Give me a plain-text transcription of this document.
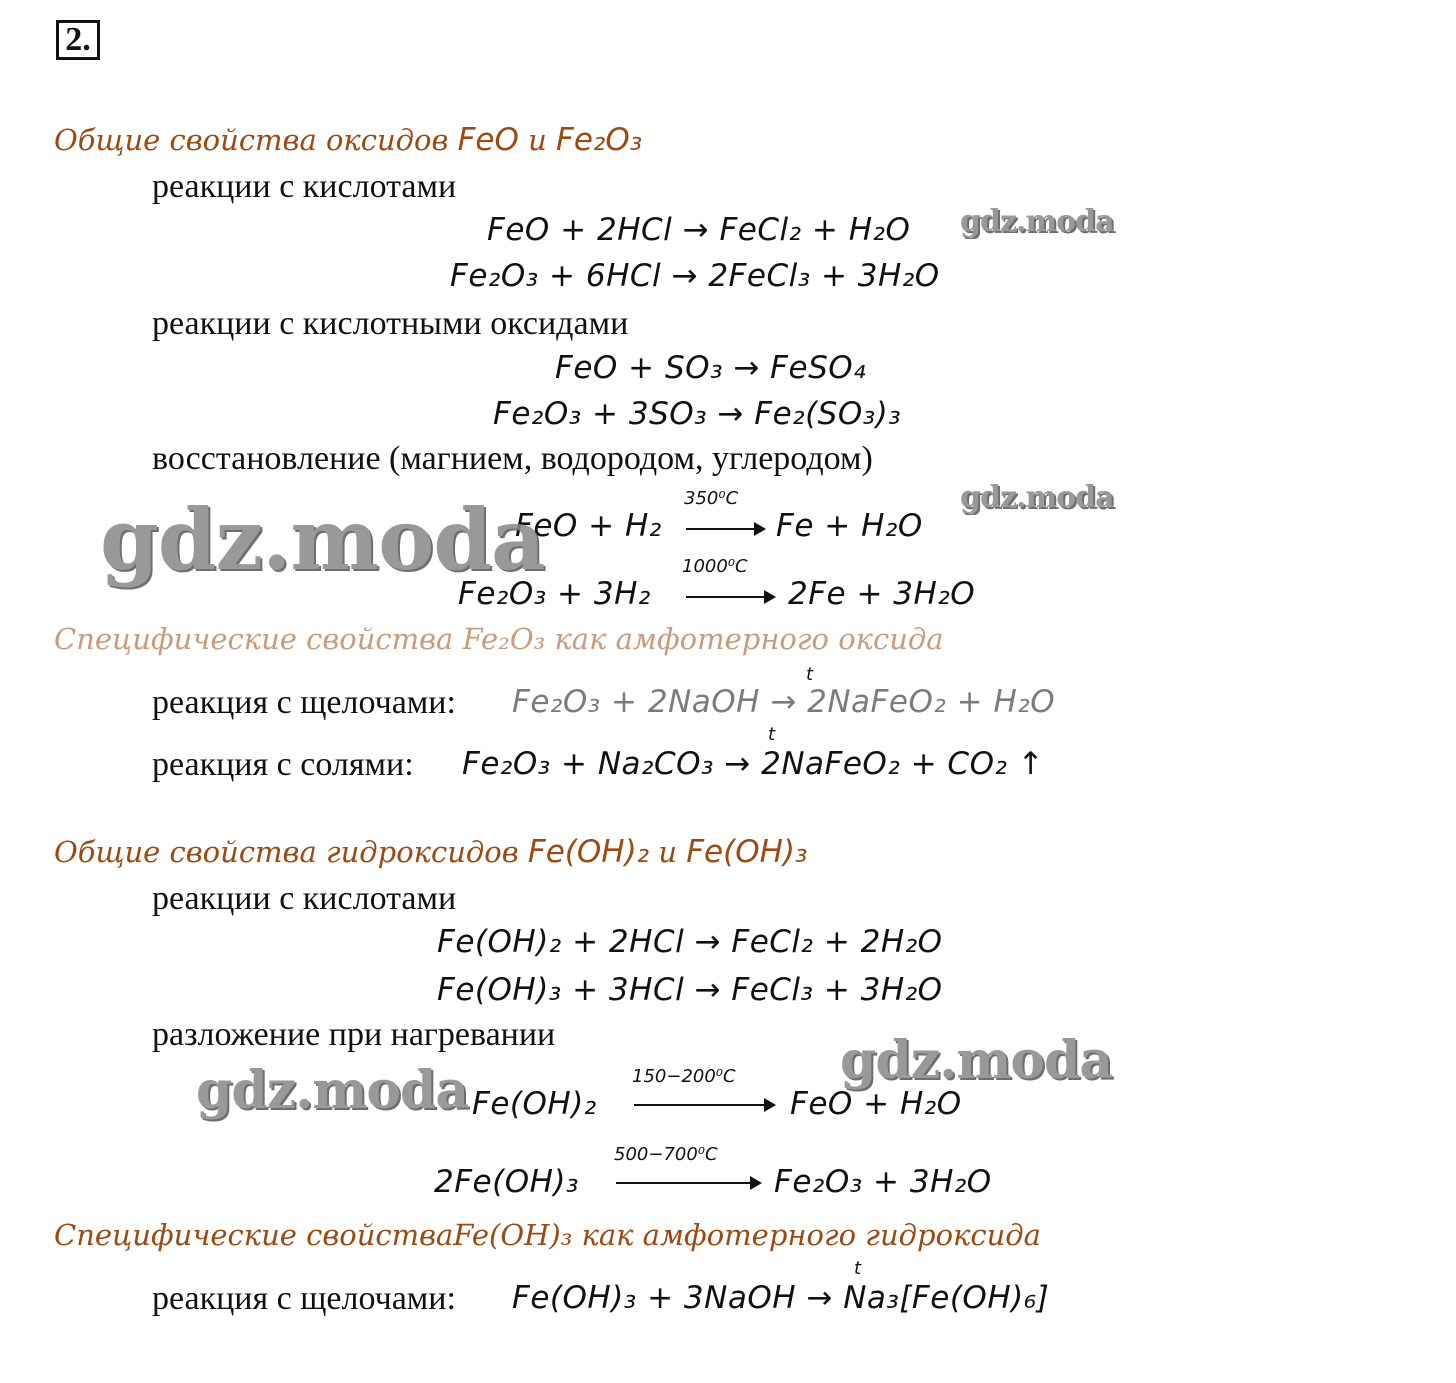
2.
Общие свойства оксидов FeO и Fe₂O₃
реакции с кислотами
FeO + 2HCl → FeCl₂ + H₂O
Fe₂O₃ + 6HCl → 2FeCl₃ + 3H₂O
реакции с кислотными оксидами
FeO + SO₃ → FeSO₄
Fe₂O₃ + 3SO₃ → Fe₂(SO₃)₃
восстановление (магнием, водородом, углеродом)
FeO + H₂
350⁰C
Fe + H₂O
Fe₂O₃ + 3H₂
1000⁰C
2Fe + 3H₂O
Специфические свойства Fe₂O₃ как амфотерного оксида
реакция с щелочами:
t
Fe₂O₃ + 2NaOH → 2NaFeO₂ + H₂O
реакция с солями:
t
Fe₂O₃ + Na₂CO₃ → 2NaFeO₂ + CO₂ ↑
Общие свойства гидроксидов Fe(OH)₂ и Fe(OH)₃
реакции с кислотами
Fe(OH)₂ + 2HCl → FeCl₂ + 2H₂O
Fe(OH)₃ + 3HCl → FeCl₃ + 3H₂O
разложение при нагревании
Fe(OH)₂
150−200⁰C
FeO + H₂O
2Fe(OH)₃
500−700⁰C
Fe₂O₃ + 3H₂O
Специфические свойстваFe(OH)₃ как амфотерного гидроксида
реакция с щелочами:
t
Fe(OH)₃ + 3NaOH → Na₃[Fe(OH)₆]
gdz.moda
gdz.moda
gdz.moda
gdz.moda
gdz.moda
